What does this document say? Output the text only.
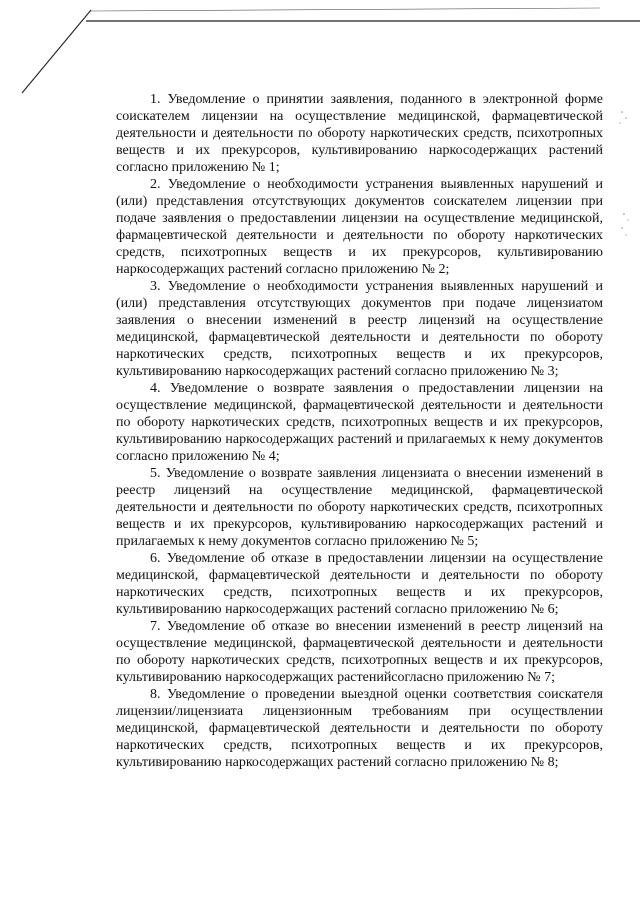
1. Уведомление о принятии заявления, поданного в электронной форме соискателем лицензии на осуществление медицинской, фармацевтической деятельности и деятельности по обороту наркотических средств, психотропных веществ и их прекурсоров, культивированию наркосодержащих растений согласно приложению № 1;

2. Уведомление о необходимости устранения выявленных нарушений и (или) представления отсутствующих документов соискателем лицензии при подаче заявления о предоставлении лицензии на осуществление медицинской, фармацевтической деятельности и деятельности по обороту наркотических средств, психотропных веществ и их прекурсоров, культивированию наркосодержащих растений согласно приложению № 2;

3. Уведомление о необходимости устранения выявленных нарушений и (или) представления отсутствующих документов при подаче лицензиатом заявления о внесении изменений в реестр лицензий на осуществление медицинской, фармацевтической деятельности и деятельности по обороту наркотических средств, психотропных веществ и их прекурсоров, культивированию наркосодержащих растений согласно приложению № 3;

4. Уведомление о возврате заявления о предоставлении лицензии на осуществление медицинской, фармацевтической деятельности и деятельности по обороту наркотических средств, психотропных веществ и их прекурсоров, культивированию наркосодержащих растений и прилагаемых к нему документов согласно приложению № 4;

5. Уведомление о возврате заявления лицензиата о внесении изменений в реестр лицензий на осуществление медицинской, фармацевтической деятельности и деятельности по обороту наркотических средств, психотропных веществ и их прекурсоров, культивированию наркосодержащих растений и прилагаемых к нему документов согласно приложению № 5;

6. Уведомление об отказе в предоставлении лицензии на осуществление медицинской, фармацевтической деятельности и деятельности по обороту наркотических средств, психотропных веществ и их прекурсоров, культивированию наркосодержащих растений согласно приложению № 6;

7. Уведомление об отказе во внесении изменений в реестр лицензий на осуществление медицинской, фармацевтической деятельности и деятельности по обороту наркотических средств, психотропных веществ и их прекурсоров, культивированию наркосодержащих растенийсогласно приложению № 7;

8. Уведомление о проведении выездной оценки соответствия соискателя лицензии/лицензиата лицензионным требованиям при осуществлении медицинской, фармацевтической деятельности и деятельности по обороту наркотических средств, психотропных веществ и их прекурсоров, культивированию наркосодержащих растений согласно приложению № 8;
